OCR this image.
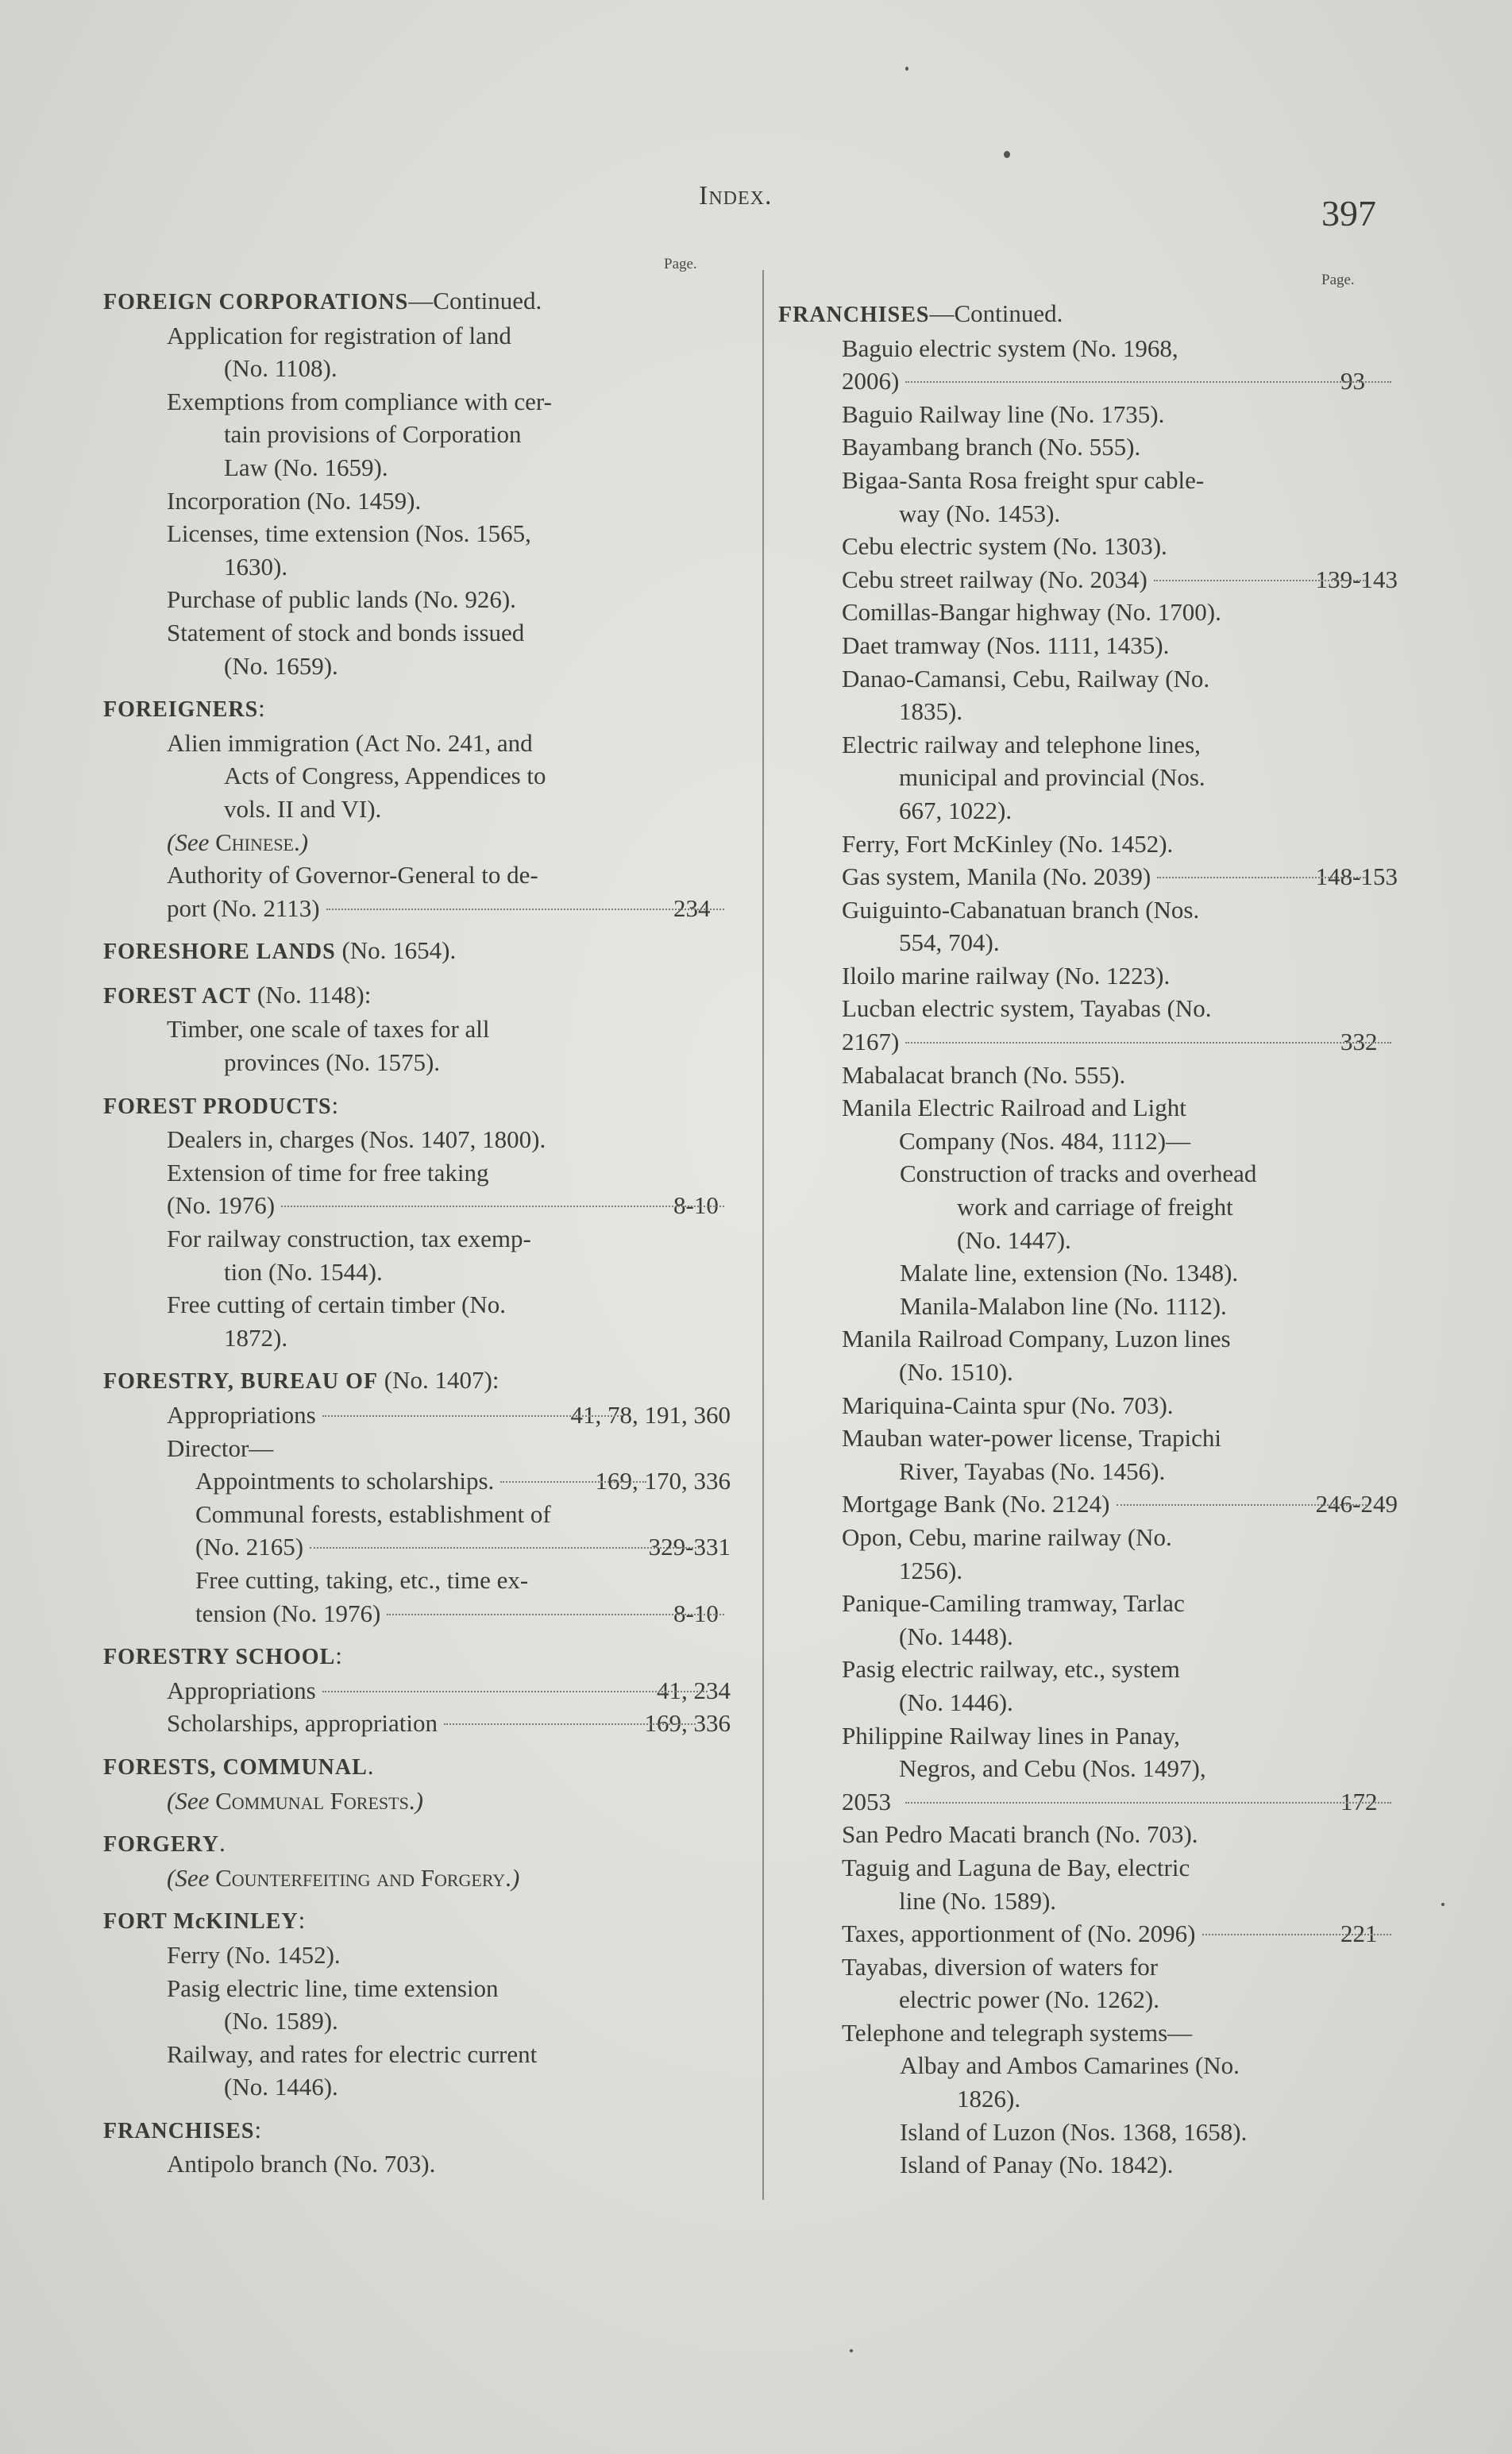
Index.	397
Page.
Page.
FOREIGN CORPORATIONS—Continued.
Application for registration of land
(No. 1108).
Exemptions from compliance with cer-
tain provisions of Corporation
Law (No. 1659).
Incorporation (No. 1459).
Licenses, time extension (Nos. 1565,
1630).
Purchase of public lands (No. 926).
Statement of stock and bonds issued
(No. 1659).
FOREIGNERS:
Alien immigration (Act No. 241, and
Acts of Congress, Appendices to
vols. II and VI).
(See Chinese.)
Authority of Governor-General to de-
port (No. 2113)	234
FORESHORE LANDS (No. 1654).
FOREST ACT (No. 1148):
Timber, one scale of taxes for all
provinces (No. 1575).
FOREST PRODUCTS:
Dealers in, charges (Nos. 1407, 1800).
Extension of time for free taking
(No. 1976)	8-10
For railway construction, tax exemp-
tion (No. 1544).
Free cutting of certain timber (No.
1872).
FORESTRY, BUREAU OF (No. 1407):
Appropriations	41, 78, 191, 360
Director—
Appointments to scholarships.	169, 170, 336
Communal forests, establishment of
(No. 2165)	329-331
Free cutting, taking, etc., time ex-
tension (No. 1976)	8-10
FORESTRY SCHOOL:
Appropriations	41, 234
Scholarships, appropriation	169, 336
FORESTS, COMMUNAL.
(See Communal Forests.)
FORGERY.
(See Counterfeiting and Forgery.)
FORT McKINLEY:
Ferry (No. 1452).
Pasig electric line, time extension
(No. 1589).
Railway, and rates for electric current
(No. 1446).
FRANCHISES:
Antipolo branch (No. 703).
FRANCHISES—Continued.
Baguio electric system (No. 1968,
2006)	93
Baguio Railway line (No. 1735).
Bayambang branch (No. 555).
Bigaa-Santa Rosa freight spur cable-
way (No. 1453).
Cebu electric system (No. 1303).
Cebu street railway (No. 2034)	139-143
Comillas-Bangar highway (No. 1700).
Daet tramway (Nos. 1111, 1435).
Danao-Camansi, Cebu, Railway (No.
1835).
Electric railway and telephone lines,
municipal and provincial (Nos.
667, 1022).
Ferry, Fort McKinley (No. 1452).
Gas system, Manila (No. 2039)	148-153
Guiguinto-Cabanatuan branch (Nos.
554, 704).
Iloilo marine railway (No. 1223).
Lucban electric system, Tayabas (No.
2167)	332
Mabalacat branch (No. 555).
Manila Electric Railroad and Light
Company (Nos. 484, 1112)—
Construction of tracks and overhead
work and carriage of freight
(No. 1447).
Malate line, extension (No. 1348).
Manila-Malabon line (No. 1112).
Manila Railroad Company, Luzon lines
(No. 1510).
Mariquina-Cainta spur (No. 703).
Mauban water-power license, Trapichi
River, Tayabas (No. 1456).
Mortgage Bank (No. 2124)	246-249
Opon, Cebu, marine railway (No.
1256).
Panique-Camiling tramway, Tarlac
(No. 1448).
Pasig electric railway, etc., system
(No. 1446).
Philippine Railway lines in Panay,
Negros, and Cebu (Nos. 1497),
2053	172
San Pedro Macati branch (No. 703).
Taguig and Laguna de Bay, electric
line (No. 1589).
Taxes, apportionment of (No. 2096)	221
Tayabas, diversion of waters for
electric power (No. 1262).
Telephone and telegraph systems—
Albay and Ambos Camarines (No.
1826).
Island of Luzon (Nos. 1368, 1658).
Island of Panay (No. 1842).
